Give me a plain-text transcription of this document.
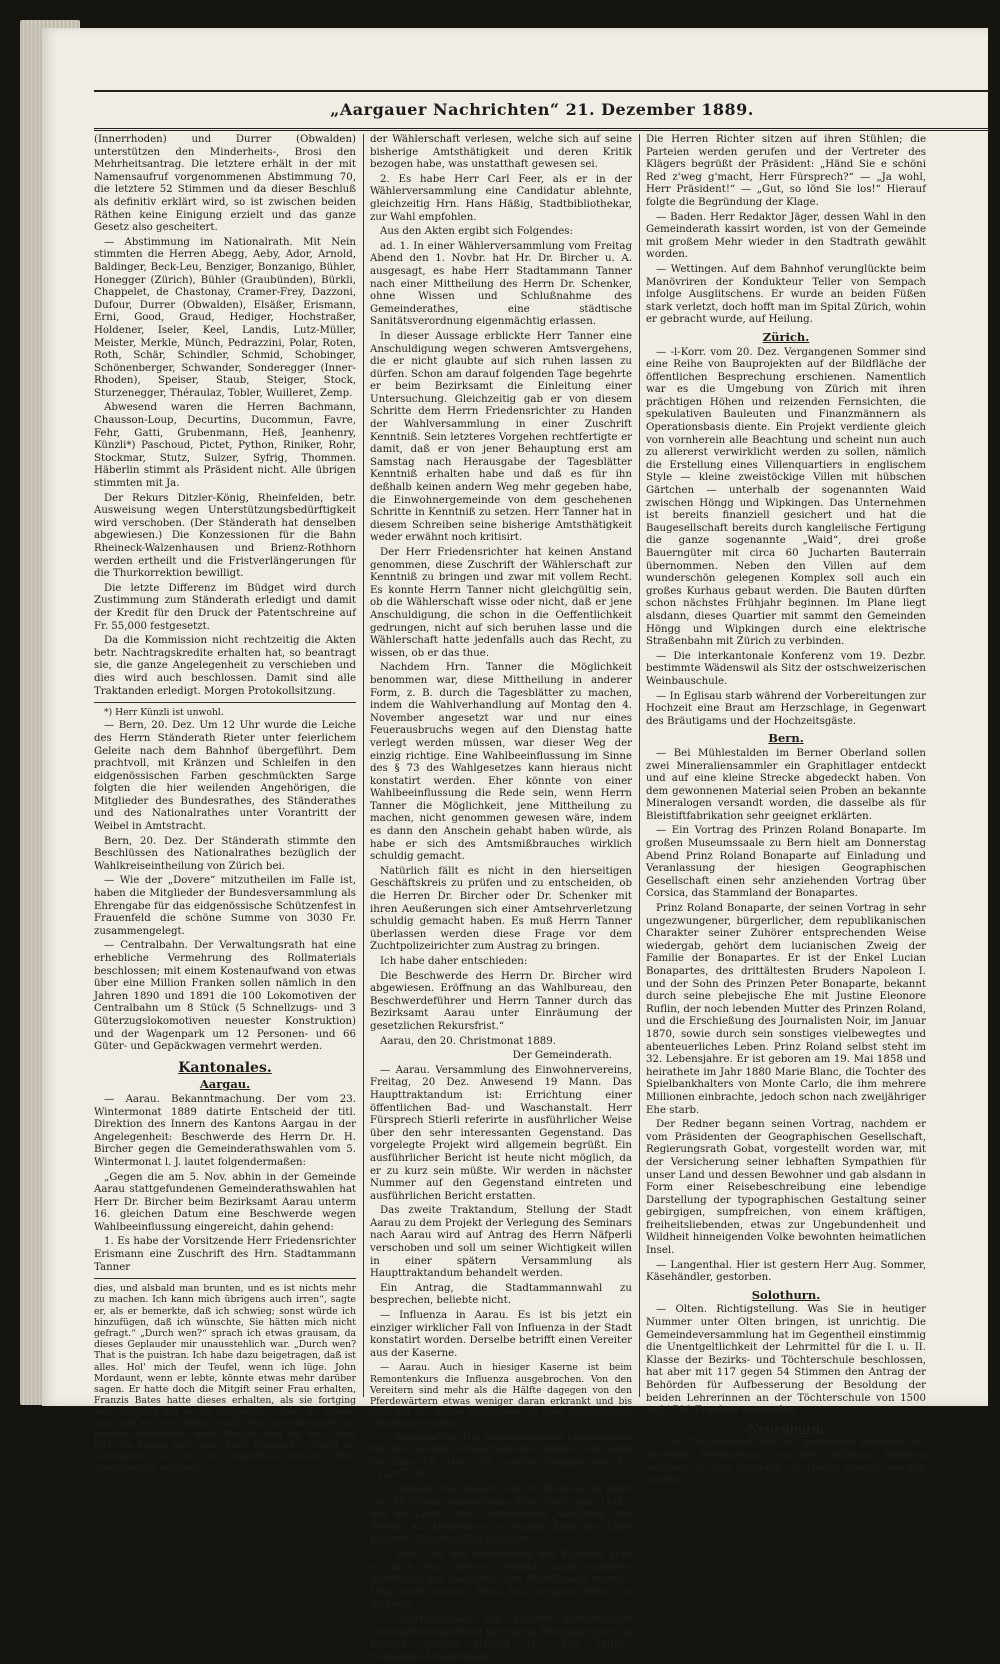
„Aargauer Nachrichten“ 21. Dezember 1889.

(Innerrhoden) und Durrer (Obwalden) unterstützen den Minderheits-, Brosi den Mehrheitsantrag. Die letztere erhält in der mit Namensaufruf vorgenommenen Abstimmung 70, die letztere 52 Stimmen und da dieser Beschluß als definitiv erklärt wird, so ist zwischen beiden Räthen keine Einigung erzielt und das ganze Gesetz also gescheitert.

— Abstimmung im Nationalrath. Mit Nein stimmten die Herren Abegg, Aeby, Ador, Arnold, Baldinger, Beck-Leu, Benziger, Bonzanigo, Bühler, Honegger (Zürich), Bühler (Graubünden), Bürkli, Chappelet, de Chastonay, Cramer-Frey, Dazzoni, Dufour, Durrer (Obwalden), Elsäßer, Erismann, Erni, Good, Graud, Hediger, Hochstraßer, Holdener, Iseler, Keel, Landis, Lutz-Müller, Meister, Merkle, Münch, Pedrazzini, Polar, Roten, Roth, Schär, Schindler, Schmid, Schobinger, Schönenberger, Schwander, Sonderegger (Inner-Rhoden), Speiser, Staub, Steiger, Stock, Sturzenegger, Théraulaz, Tobler, Wuilleret, Zemp.

Abwesend waren die Herren Bachmann, Chausson-Loup, Decurtins, Ducommun, Favre, Fehr, Gatti, Grubenmann, Heß, Jeanhenry, Künzli*) Paschoud, Pictet, Python, Riniker, Rohr, Stockmar, Stutz, Sulzer, Syfrig, Thommen. Häberlin stimmt als Präsident nicht. Alle übrigen stimmten mit Ja.

Der Rekurs Ditzler-König, Rheinfelden, betr. Ausweisung wegen Unterstützungsbedürftigkeit wird verschoben. (Der Ständerath hat denselben abgewiesen.) Die Konzessionen für die Bahn Rheineck-Walzenhausen und Brienz-Rothhorn werden ertheilt und die Fristverlängerungen für die Thurkorrektion bewilligt.

Die letzte Differenz im Büdget wird durch Zustimmung zum Ständerath erledigt und damit der Kredit für den Druck der Patentschreine auf Fr. 55,000 festgesetzt.

Da die Kommission nicht rechtzeitig die Akten betr. Nachtragskredite erhalten hat, so beantragt sie, die ganze Angelegenheit zu verschieben und dies wird auch beschlossen. Damit sind alle Traktanden erledigt. Morgen Protokollsitzung.

*) Herr Künzli ist unwohl.

— Bern, 20. Dez. Um 12 Uhr wurde die Leiche des Herrn Ständerath Rieter unter feierlichem Geleite nach dem Bahnhof übergeführt. Dem prachtvoll, mit Kränzen und Schleifen in den eidgenössischen Farben geschmückten Sarge folgten die hier weilenden Angehörigen, die Mitglieder des Bundesrathes, des Ständerathes und des Nationalrathes unter Vorantritt der Weibel in Amtstracht.

Bern, 20. Dez. Der Ständerath stimmte den Beschlüssen des Nationalrathes bezüglich der Wahlkreiseintheilung von Zürich bei.

— Wie der „Dovere“ mitzutheilen im Falle ist, haben die Mitglieder der Bundesversammlung als Ehrengabe für das eidgenössische Schützenfest in Frauenfeld die schöne Summe von 3030 Fr. zusammengelegt.

— Centralbahn. Der Verwaltungsrath hat eine erhebliche Vermehrung des Rollmaterials beschlossen; mit einem Kostenaufwand von etwas über eine Million Franken sollen nämlich in den Jahren 1890 und 1891 die 100 Lokomotiven der Centralbahn um 8 Stück (5 Schnellzugs- und 3 Güterzugslokomotiven neuester Konstruktion) und der Wagenpark um 12 Personen- und 66 Güter- und Gepäckwagen vermehrt werden.

Kantonales.
Aargau.

— Aarau. Bekanntmachung. Der vom 23. Wintermonat 1889 datirte Entscheid der titl. Direktion des Innern des Kantons Aargau in der Angelegenheit: Beschwerde des Herrn Dr. H. Bircher gegen die Gemeinderathswahlen vom 5. Wintermonat l. J. lautet folgendermaßen:

„Gegen die am 5. Nov. abhin in der Gemeinde Aarau stattgefundenen Gemeinderathswahlen hat Herr Dr. Bircher beim Bezirksamt Aarau unterm 16. gleichen Datum eine Beschwerde wegen Wahlbeeinflussung eingereicht, dahin gehend:

1. Es habe der Vorsitzende Herr Friedensrichter Erismann eine Zuschrift des Hrn. Stadtammann Tanner

dies, und alsbald man brunten, und es ist nichts mehr zu machen. Ich kann mich übrigens auch irren“, sagte er, als er bemerkte, daß ich schwieg; sonst würde ich hinzufügen, daß ich wünschte, Sie hätten mich nicht gefragt.“ „Durch wen?“ sprach ich etwas grausam, da dieses Geplauder mir unausstehlich war. „Durch wen? That is the puistran. Ich habe dazu beigetragen, daß ist alles. Hol' mich der Teufel, wenn ich lüge. John Mordaunt, wenn er lebte, könnte etwas mehr darüber sagen. Er hatte doch die Mitgift seiner Frau erhalten, Franzis Bates hatte dieses erhalten, als sie fortging zum Unglück hat er sie aufgesehrt, denn sie lebten, was man so recht leben nennt. Man schickte mich mit meinem Hofmeister nach Neapel, und ich war lange fort. Da haben Sie's nun, Lord Maynard.“ „Nicht im Geringsten. Ich bin im Gegentheil begierig, Ihre Abenteuer zu erfahren.“

der Wählerschaft verlesen, welche sich auf seine bisherige Amtsthätigkeit und deren Kritik bezogen habe, was unstatthaft gewesen sei.

2. Es habe Herr Carl Feer, als er in der Wählerversammlung eine Candidatur ablehnte, gleichzeitig Hrn. Hans Häßig, Stadtbibliothekar, zur Wahl empfohlen.

Aus den Akten ergibt sich Folgendes:

ad. 1. In einer Wählerversammlung vom Freitag Abend den 1. Novbr. hat Hr. Dr. Bircher u. A. ausgesagt, es habe Herr Stadtammann Tanner nach einer Mittheilung des Herrn Dr. Schenker, ohne Wissen und Schlußnahme des Gemeinderathes, eine städtische Sanitätsverordnung eigenmächtig erlassen.

In dieser Aussage erblickte Herr Tanner eine Anschuldigung wegen schweren Amtsvergehens, die er nicht glaubte auf sich ruhen lassen zu dürfen. Schon am darauf folgenden Tage begehrte er beim Bezirksamt die Einleitung einer Untersuchung. Gleichzeitig gab er von diesem Schritte dem Herrn Friedensrichter zu Handen der Wahlversammlung in einer Zuschrift Kenntniß. Sein letzteres Vorgehen rechtfertigte er damit, daß er von jener Behauptung erst am Samstag nach Herausgabe der Tagesblätter Kenntniß erhalten habe und daß es für ihn deßhalb keinen andern Weg mehr gegeben habe, die Einwohnergemeinde von dem geschehenen Schritte in Kenntniß zu setzen. Herr Tanner hat in diesem Schreiben seine bisherige Amtsthätigkeit weder erwähnt noch kritisirt.

Der Herr Friedensrichter hat keinen Anstand genommen, diese Zuschrift der Wählerschaft zur Kenntniß zu bringen und zwar mit vollem Recht. Es konnte Herrn Tanner nicht gleichgültig sein, ob die Wählerschaft wisse oder nicht, daß er jene Anschuldigung, die schon in die Oeffentlichkeit gedrungen, nicht auf sich beruhen lasse und die Wählerschaft hatte jedenfalls auch das Recht, zu wissen, ob er das thue.

Nachdem Hrn. Tanner die Möglichkeit benommen war, diese Mittheilung in anderer Form, z. B. durch die Tagesblätter zu machen, indem die Wahlverhandlung auf Montag den 4. November angesetzt war und nur eines Feuerausbruchs wegen auf den Dienstag hatte verlegt werden müssen, war dieser Weg der einzig richtige. Eine Wahlbeeinflussung im Sinne des § 73 des Wahlgesetzes kann hieraus nicht konstatirt werden. Eher könnte von einer Wahlbeeinflussung die Rede sein, wenn Herrn Tanner die Möglichkeit, jene Mittheilung zu machen, nicht genommen gewesen wäre, indem es dann den Anschein gehabt haben würde, als habe er sich des Amtsmißbrauches wirklich schuldig gemacht.

Natürlich fällt es nicht in den hierseitigen Geschäftskreis zu prüfen und zu entscheiden, ob die Herren Dr. Bircher oder Dr. Schenker mit ihren Aeußerungen sich einer Amtsehrverletzung schuldig gemacht haben. Es muß Herrn Tanner überlassen werden diese Frage vor dem Zuchtpolizeirichter zum Austrag zu bringen.

Ich habe daher entschieden:

Die Beschwerde des Herrn Dr. Bircher wird abgewiesen. Eröffnung an das Wahlbureau, den Beschwerdeführer und Herrn Tanner durch das Bezirksamt Aarau unter Einräumung der gesetzlichen Rekursfrist.“

Aarau, den 20. Christmonat 1889.

Der Gemeinderath.

— Aarau. Versammlung des Einwohnervereins, Freitag, 20 Dez. Anwesend 19 Mann. Das Haupttraktandum ist: Errichtung einer öffentlichen Bad- und Waschanstalt. Herr Fürsprech Stierli referirte in ausführlicher Weise über den sehr interessanten Gegenstand. Das vorgelegte Projekt wird allgemein begrüßt. Ein ausführlicher Bericht ist heute nicht möglich, da er zu kurz sein müßte. Wir werden in nächster Nummer auf den Gegenstand eintreten und ausführlichen Bericht erstatten.

Das zweite Traktandum, Stellung der Stadt Aarau zu dem Projekt der Verlegung des Seminars nach Aarau wird auf Antrag des Herrn Näfperli verschoben und soll um seiner Wichtigkeit willen in einer spätern Versammlung als Haupttraktandum behandelt werden.

Ein Antrag, die Stadtammannwahl zu besprechen, beliebte nicht.

— Influenza in Aarau. Es ist bis jetzt ein einziger wirklicher Fall von Influenza in der Stadt konstatirt worden. Derselbe betrifft einen Vereiter aus der Kaserne.

— Aarau. Auch in hiesiger Kaserne ist beim Remontenkurs die Influenza ausgebrochen. Von den Vereitern sind mehr als die Hälfte dagegen von den Pferdewärtern etwas weniger daran erkrankt und bis jetzt hat die davon Betroffenen in dem Kantonsspital verbracht worden.

— Bremgarten. Die eingegangenen Liebesgaben für die Anstalt schwachsinniger Kinder betragen bis zum 15. Dez. die schöne Summe von Fr. 12,297. 95.

— Wohlen. Die dieser Tage in Wohlen, im Alter von 86 Jahren verstorbene Frau Isler, geb. Lüthy, hat im Laufe ihrer vieljährigen Ausübung des Berufs als Hebamme in runder Zahl bei 1800 Kindern Geburtshülfe geleistet.

— Muri. Mit der Eindeckung des Klosters geht es nach dem „Boten“ ziemlich rasch vorwärts; bereits ist der Dachstuhl des Mittelbaues erstellt. Man hofft diesen Theil bis Neujahr fertig zu bringen.

— Gerichtliches. Von äußerst gemüthlicher Geschäftsbehandlung bei einem Bezirksgericht im Kanton Aargau erfährt das „Zof. Tagbl.“ Folgendes Müsterchen:

Die Herren Richter sitzen auf ihren Stühlen; die Parteien werden gerufen und der Vertreter des Klägers begrüßt der Präsident: „Händ Sie e schöni Red z'weg g'macht, Herr Fürsprech?“ — „Ja wohl, Herr Präsident!“ — „Gut, so lönd Sie los!“ Hierauf folgte die Begründung der Klage.

— Baden. Herr Redaktor Jäger, dessen Wahl in den Gemeinderath kassirt worden, ist von der Gemeinde mit großem Mehr wieder in den Stadtrath gewählt worden.

— Wettingen. Auf dem Bahnhof verunglückte beim Manövriren der Kondukteur Teller von Sempach infolge Ausglitschens. Er wurde an beiden Füßen stark verletzt, doch hofft man im Spital Zürich, wohin er gebracht wurde, auf Heilung.

Zürich.

— -l-Korr. vom 20. Dez. Vergangenen Sommer sind eine Reihe von Bauprojekten auf der Bildfläche der öffentlichen Besprechung erschienen. Namentlich war es die Umgebung von Zürich mit ihren prächtigen Höhen und reizenden Fernsichten, die spekulativen Bauleuten und Finanzmännern als Operationsbasis diente. Ein Projekt verdiente gleich von vornherein alle Beachtung und scheint nun auch zu allererst verwirklicht werden zu sollen, nämlich die Erstellung eines Villenquartiers in englischem Style — kleine zweistöckige Villen mit hübschen Gärtchen — unterhalb der sogenannten Waid zwischen Höngg und Wipkingen. Das Unternehmen ist bereits finanziell gesichert und hat die Baugesellschaft bereits durch kangleiische Fertigung die ganze sogenannte „Waid“, drei große Bauerngüter mit circa 60 Jucharten Bauterrain übernommen. Neben den Villen auf dem wunderschön gelegenen Komplex soll auch ein großes Kurhaus gebaut werden. Die Bauten dürften schon nächstes Frühjahr beginnen. Im Plane liegt alsdann, dieses Quartier mit sammt den Gemeinden Höngg und Wipkingen durch eine elektrische Straßenbahn mit Zürich zu verbinden.

— Die interkantonale Konferenz vom 19. Dezbr. bestimmte Wädenswil als Sitz der ostschweizerischen Weinbauschule.

— In Eglisau starb während der Vorbereitungen zur Hochzeit eine Braut am Herzschlage, in Gegenwart des Bräutigams und der Hochzeitsgäste.

Bern.

— Bei Mühlestalden im Berner Oberland sollen zwei Mineraliensammler ein Graphitlager entdeckt und auf eine kleine Strecke abgedeckt haben. Von dem gewonnenen Material seien Proben an bekannte Mineralogen versandt worden, die dasselbe als für Bleistiftfabrikation sehr geeignet erklärten.

— Ein Vortrag des Prinzen Roland Bonaparte. Im großen Museumssaale zu Bern hielt am Donnerstag Abend Prinz Roland Bonaparte auf Einladung und Veranlassung der hiesigen Geographischen Gesellschaft einen sehr anziehenden Vortrag über Corsica, das Stammland der Bonapartes.

Prinz Roland Bonaparte, der seinen Vortrag in sehr ungezwungener, bürgerlicher, dem republikanischen Charakter seiner Zuhörer entsprechenden Weise wiedergab, gehört dem lucianischen Zweig der Familie der Bonapartes. Er ist der Enkel Lucian Bonapartes, des drittältesten Bruders Napoleon I. und der Sohn des Prinzen Peter Bonaparte, bekannt durch seine plebejische Ehe mit Justine Eleonore Ruflin, der noch lebenden Mutter des Prinzen Roland, und die Erschießung des Journalisten Noir, im Januar 1870, sowie durch sein sonstiges vielbewegtes und abenteuerliches Leben. Prinz Roland selbst steht im 32. Lebensjahre. Er ist geboren am 19. Mai 1858 und heirathete im Jahr 1880 Marie Blanc, die Tochter des Spielbankhalters von Monte Carlo, die ihm mehrere Millionen einbrachte, jedoch schon nach zweijähriger Ehe starb.

Der Redner begann seinen Vortrag, nachdem er vom Präsidenten der Geographischen Gesellschaft, Regierungsrath Gobat, vorgestellt worden war, mit der Versicherung seiner lebhaften Sympathien für unser Land und dessen Bewohner und gab alsdann in Form einer Reisebeschreibung eine lebendige Darstellung der typographischen Gestaltung seiner gebirgigen, sumpfreichen, von einem kräftigen, freiheitsliebenden, etwas zur Ungebundenheit und Wildheit hinneigenden Volke bewohnten heimatlichen Insel.

— Langenthal. Hier ist gestern Herr Aug. Sommer, Käsehändler, gestorben.

Solothurn.

— Olten. Richtigstellung. Was Sie in heutiger Nummer unter Olten bringen, ist unrichtig. Die Gemeindeversammlung hat im Gegentheil einstimmig die Unentgeltlichkeit der Lehrmittel für die I. u. II. Klasse der Bezirks- und Töchterschule beschlossen, hat aber mit 117 gegen 54 Stimmen den Antrag der Behörden für Aufbesserung der Besoldung der beiden Lehrerinnen an der Töchterschule von 1500 auf 1700 Franken verworfen.

Neuenburg.

— In Chaurdefonds sei das gesammte Personal des dortigen Postbureaus von der Influenza befallen worden, so daß dasselbe im Dienst ersetzt werden mußte.
